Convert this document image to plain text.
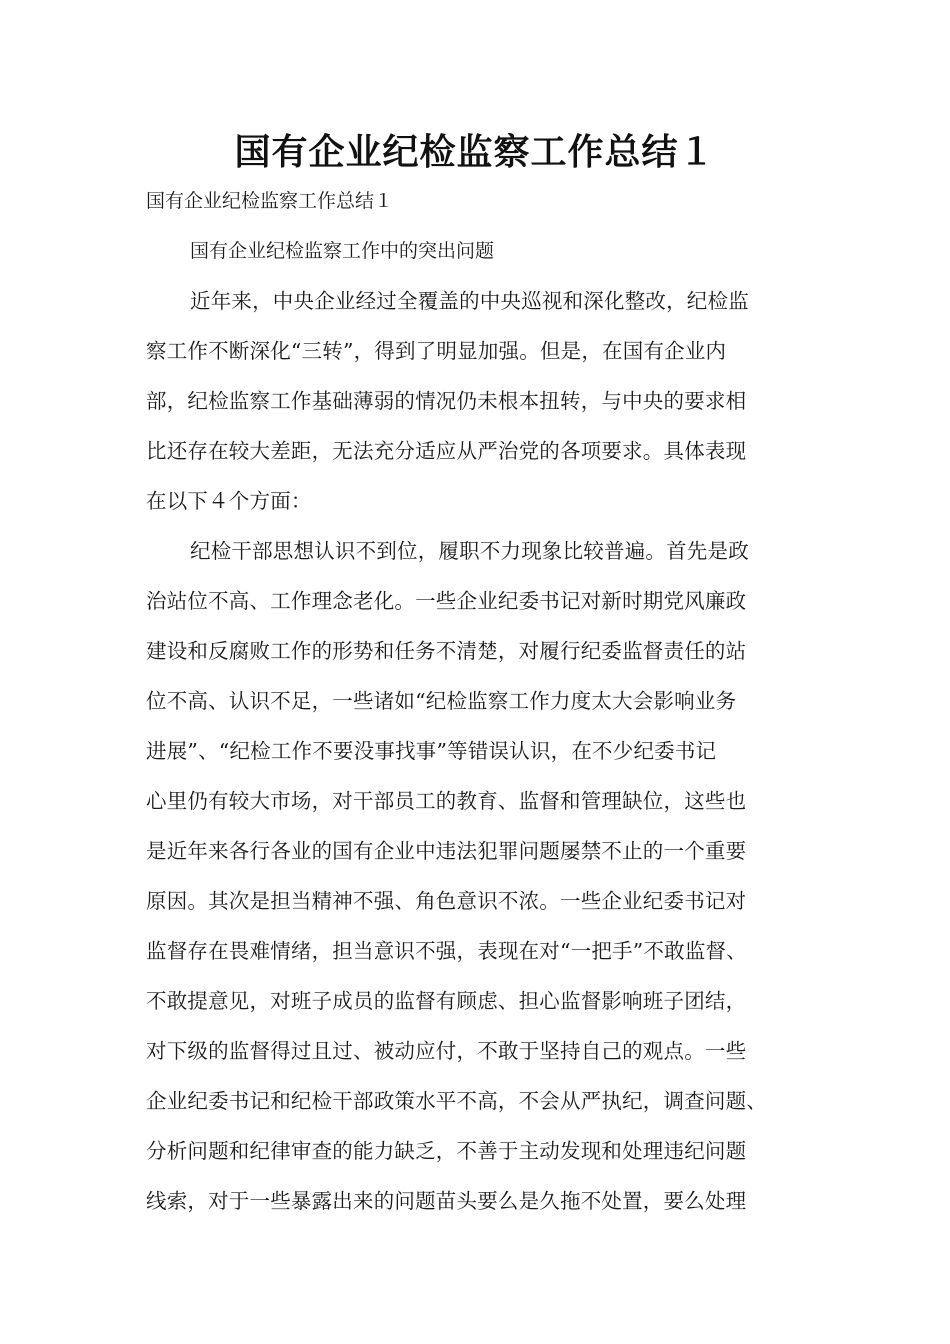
国有企业纪检监察工作总结１

国有企业纪检监察工作总结１

国有企业纪检监察工作中的突出问题

近年来，中央企业经过全覆盖的中央巡视和深化整改，纪检监
察工作不断深化“三转”，得到了明显加强。但是，在国有企业内
部，纪检监察工作基础薄弱的情况仍未根本扭转，与中央的要求相
比还存在较大差距，无法充分适应从严治党的各项要求。具体表现
在以下４个方面：
纪检干部思想认识不到位，履职不力现象比较普遍。首先是政
治站位不高、工作理念老化。一些企业纪委书记对新时期党风廉政
建设和反腐败工作的形势和任务不清楚，对履行纪委监督责任的站
位不高、认识不足，一些诸如“纪检监察工作力度太大会影响业务
进展”、“纪检工作不要没事找事”等错误认识，在不少纪委书记
心里仍有较大市场，对干部员工的教育、监督和管理缺位，这些也
是近年来各行各业的国有企业中违法犯罪问题屡禁不止的一个重要
原因。其次是担当精神不强、角色意识不浓。一些企业纪委书记对
监督存在畏难情绪，担当意识不强，表现在对“一把手”不敢监督、
不敢提意见，对班子成员的监督有顾虑、担心监督影响班子团结，
对下级的监督得过且过、被动应付，不敢于坚持自己的观点。一些
企业纪委书记和纪检干部政策水平不高，不会从严执纪，调查问题、
分析问题和纪律审查的能力缺乏，不善于主动发现和处理违纪问题
线索，对于一些暴露出来的问题苗头要么是久拖不处置，要么处理
